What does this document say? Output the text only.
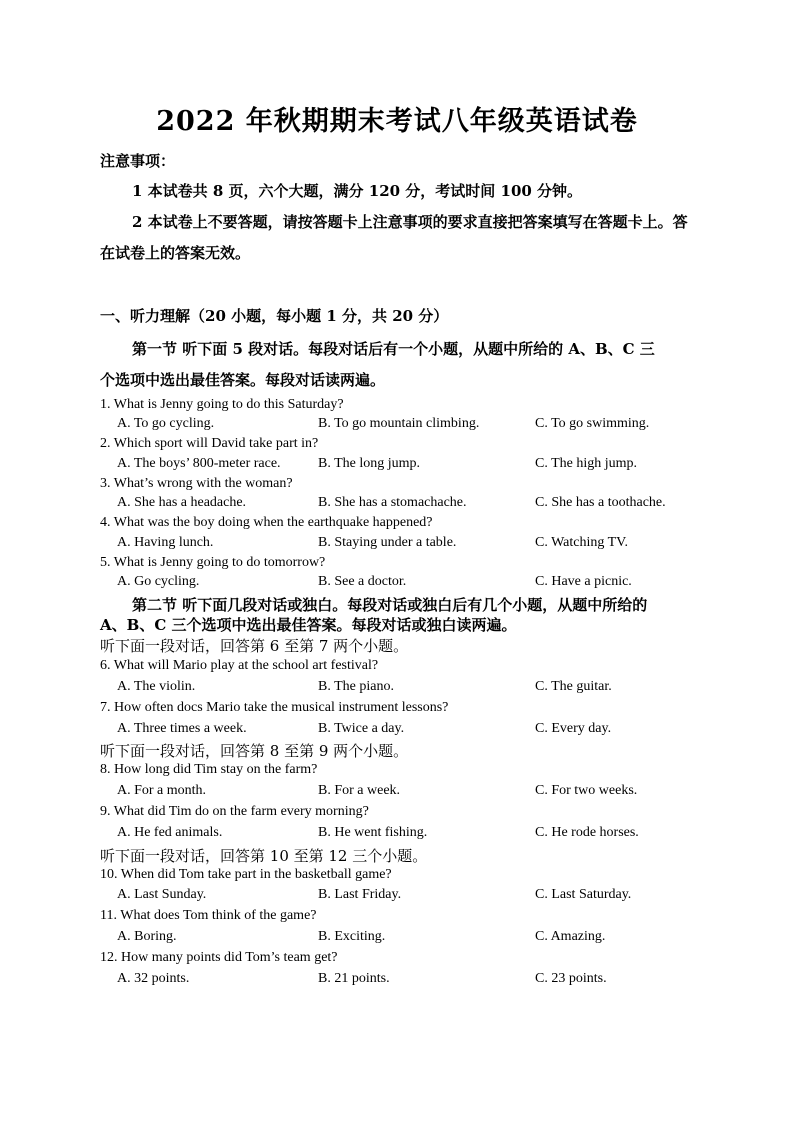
2022 年秋期期末考试八年级英语试卷
注意事项：
1 本试卷共 8 页，六个大题，满分 120 分，考试时间 100 分钟。
2 本试卷上不要答题，请按答题卡上注意事项的要求直接把答案填写在答题卡上。答
在试卷上的答案无效。
一、听力理解（20 小题，每小题 1 分，共 20 分）
第一节 听下面 5 段对话。每段对话后有一个小题，从题中所给的 A、B、C 三
个选项中选出最佳答案。每段对话读两遍。
1. What is Jenny going to do this Saturday?
A. To go cycling.	B. To go mountain climbing.	C. To go swimming.
2. Which sport will David take part in?
A. The boys’ 800-meter race.	B. The long jump.	C. The high jump.
3. What’s wrong with the woman?
A. She has a headache.	B. She has a stomachache.	C. She has a toothache.
4. What was the boy doing when the earthquake happened?
A. Having lunch.	B. Staying under a table.	C. Watching TV.
5. What is Jenny going to do tomorrow?
A. Go cycling.	B. See a doctor.	C. Have a picnic.
第二节 听下面几段对话或独白。每段对话或独白后有几个小题，从题中所给的
A、B、C 三个选项中选出最佳答案。每段对话或独白读两遍。
听下面一段对话，回答第 6 至第 7 两个小题。
6. What will Mario play at the school art festival?
A. The violin.	B. The piano.	C. The guitar.
7. How often docs Mario take the musical instrument lessons?
A. Three times a week.	B. Twice a day.	C. Every day.
听下面一段对话，回答第 8 至第 9 两个小题。
8. How long did Tim stay on the farm?
A. For a month.	B. For a week.	C. For two weeks.
9. What did Tim do on the farm every morning?
A. He fed animals.	B. He went fishing.	C. He rode horses.
听下面一段对话，回答第 10 至第 12 三个小题。
10. When did Tom take part in the basketball game?
A. Last Sunday.	B. Last Friday.	C. Last Saturday.
11. What does Tom think of the game?
A. Boring.	B. Exciting.	C. Amazing.
12. How many points did Tom’s team get?
A. 32 points.	B. 21 points.	C. 23 points.
